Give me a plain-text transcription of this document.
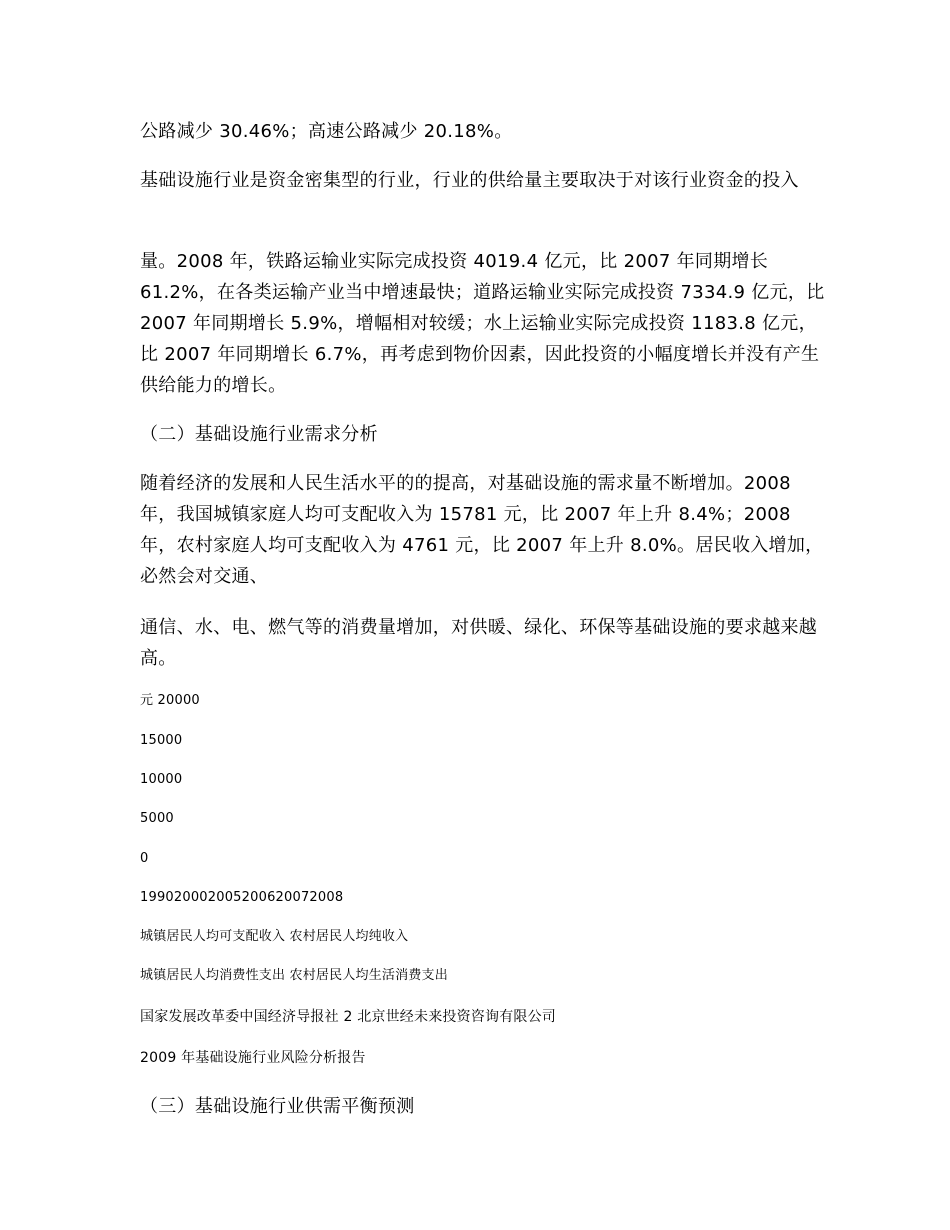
公路减少 30.46%；高速公路减少 20.18%。

基础设施行业是资金密集型的行业，行业的供给量主要取决于对该行业资金的投入

量。2008 年，铁路运输业实际完成投资 4019.4 亿元，比 2007 年同期增长 61.2%，在各类运输产业当中增速最快；道路运输业实际完成投资 7334.9 亿元，比 2007 年同期增长 5.9%，增幅相对较缓；水上运输业实际完成投资 1183.8 亿元，比 2007 年同期增长 6.7%，再考虑到物价因素，因此投资的小幅度增长并没有产生供给能力的增长。

（二）基础设施行业需求分析

随着经济的发展和人民生活水平的的提高，对基础设施的需求量不断增加。2008 年，我国城镇家庭人均可支配收入为 15781 元，比 2007 年上升 8.4%；2008 年，农村家庭人均可支配收入为 4761 元，比 2007 年上升 8.0%。居民收入增加，必然会对交通、

通信、水、电、燃气等的消费量增加，对供暖、绿化、环保等基础设施的要求越来越高。

元 20000

15000

10000

5000

0

199020002005200620072008

城镇居民人均可支配收入 农村居民人均纯收入

城镇居民人均消费性支出 农村居民人均生活消费支出

国家发展改革委中国经济导报社 2 北京世经未来投资咨询有限公司

2009 年基础设施行业风险分析报告

（三）基础设施行业供需平衡预测
